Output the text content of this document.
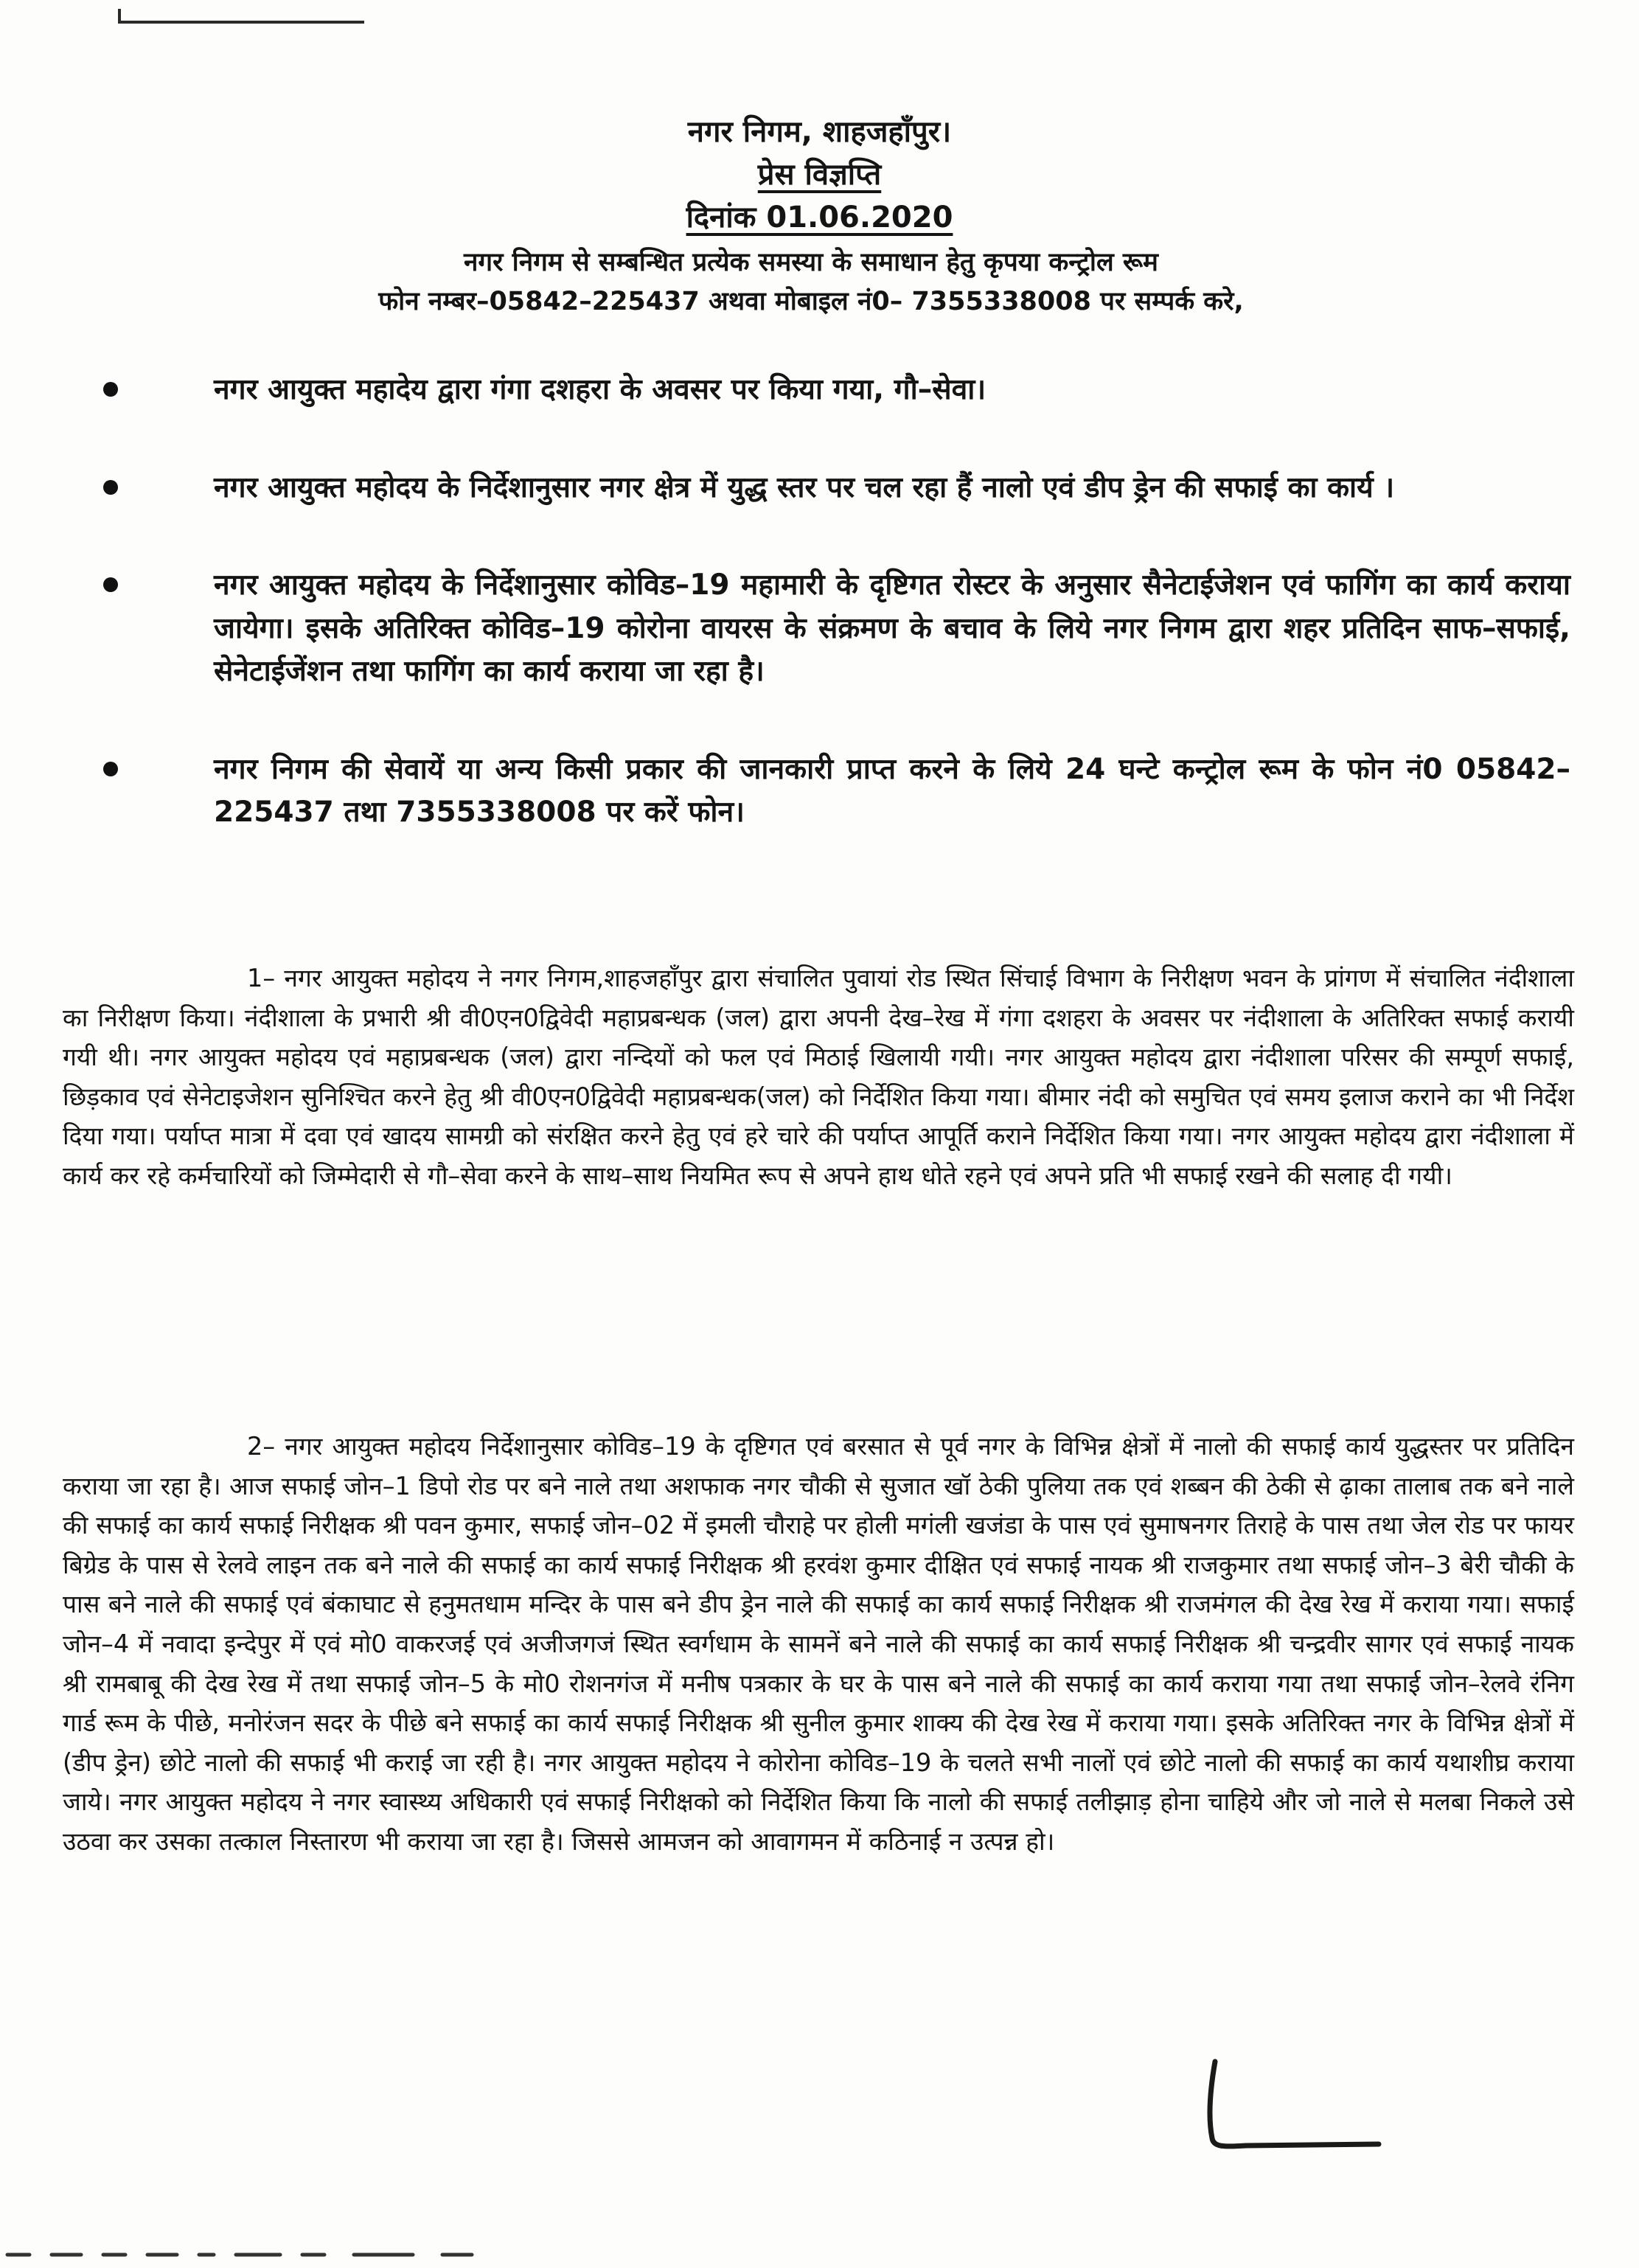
नगर निगम, शाहजहाँपुर।
प्रेस विज्ञप्ति
दिनांक 01.06.2020
नगर निगम से सम्बन्धित प्रत्येक समस्या के समाधान हेतु कृपया कन्ट्रोल रूम
फोन नम्बर–05842–225437 अथवा मोबाइल नं0– 7355338008 पर सम्पर्क करे,
नगर आयुक्त महादेय द्वारा गंगा दशहरा के अवसर पर किया गया, गौ–सेवा।
नगर आयुक्त महोदय के निर्देशानुसार नगर क्षेत्र में युद्ध स्तर पर चल रहा हैं नालो एवं डीप ड्रेन की सफाई का कार्य ।
नगर आयुक्त महोदय के निर्देशानुसार कोविड–19 महामारी के दृष्टिगत रोस्टर के अनुसार सैनेटाईजेशन एवं फागिंग का कार्य कराया जायेगा। इसके अतिरिक्त कोविड–19 कोरोना वायरस के संक्रमण के बचाव के लिये नगर निगम द्वारा शहर प्रतिदिन साफ–सफाई, सेनेटाईजेंशन तथा फागिंग का कार्य कराया जा रहा है।
नगर निगम की सेवायें या अन्य किसी प्रकार की जानकारी प्राप्त करने के लिये 24 घन्टे कन्ट्रोल रूम के फोन नं0 05842–225437 तथा 7355338008 पर करें फोन।
1– नगर आयुक्त महोदय ने नगर निगम,शाहजहाँपुर द्वारा संचालित पुवायां रोड स्थित सिंचाई विभाग के निरीक्षण भवन के प्रांगण में संचालित नंदीशाला का निरीक्षण किया। नंदीशाला के प्रभारी श्री वी0एन0द्विवेदी महाप्रबन्धक (जल) द्वारा अपनी देख–रेख में गंगा दशहरा के अवसर पर नंदीशाला के अतिरिक्त सफाई करायी गयी थी। नगर आयुक्त महोदय एवं महाप्रबन्धक (जल) द्वारा नन्दियों को फल एवं मिठाई खिलायी गयी। नगर आयुक्त महोदय द्वारा नंदीशाला परिसर की सम्पूर्ण सफाई, छिड़काव एवं सेनेटाइजेशन सुनिश्चित करने हेतु श्री वी0एन0द्विवेदी महाप्रबन्धक(जल) को निर्देशित किया गया। बीमार नंदी को समुचित एवं समय इलाज कराने का भी निर्देश दिया गया। पर्याप्त मात्रा में दवा एवं खादय सामग्री को संरक्षित करने हेतु एवं हरे चारे की पर्याप्त आपूर्ति कराने निर्देशित किया गया। नगर आयुक्त महोदय द्वारा नंदीशाला में कार्य कर रहे कर्मचारियों को जिम्मेदारी से गौ–सेवा करने के साथ–साथ नियमित रूप से अपने हाथ धोते रहने एवं अपने प्रति भी सफाई रखने की सलाह दी गयी।
2– नगर आयुक्त महोदय निर्देशानुसार कोविड–19 के दृष्टिगत एवं बरसात से पूर्व नगर के विभिन्न क्षेत्रों में नालो की सफाई कार्य युद्धस्तर पर प्रतिदिन कराया जा रहा है। आज सफाई जोन–1 डिपो रोड पर बने नाले तथा अशफाक नगर चौकी से सुजात खॉ ठेकी पुलिया तक एवं शब्बन की ठेकी से ढ़ाका तालाब तक बने नाले की सफाई का कार्य सफाई निरीक्षक श्री पवन कुमार, सफाई जोन–02 में इमली चौराहे पर होली मगंली खजंडा के पास एवं सुमाषनगर तिराहे के पास तथा जेल रोड पर फायर बिग्रेड के पास से रेलवे लाइन तक बने नाले की सफाई का कार्य सफाई निरीक्षक श्री हरवंश कुमार दीक्षित एवं सफाई नायक श्री राजकुमार तथा सफाई जोन–3 बेरी चौकी के पास बने नाले की सफाई एवं बंकाघाट से हनुमतधाम मन्दिर के पास बने डीप ड्रेन नाले की सफाई का कार्य सफाई निरीक्षक श्री राजमंगल की देख रेख में कराया गया। सफाई जोन–4 में नवादा इन्देपुर में एवं मो0 वाकरजई एवं अजीजगजं स्थित स्वर्गधाम के सामनें बने नाले की सफाई का कार्य सफाई निरीक्षक श्री चन्द्रवीर सागर एवं सफाई नायक श्री रामबाबू की देख रेख में तथा सफाई जोन–5 के मो0 रोशनगंज में मनीष पत्रकार के घर के पास बने नाले की सफाई का कार्य कराया गया तथा सफाई जोन–रेलवे रंनिग गार्ड रूम के पीछे, मनोरंजन सदर के पीछे बने सफाई का कार्य सफाई निरीक्षक श्री सुनील कुमार शाक्य की देख रेख में कराया गया। इसके अतिरिक्त नगर के विभिन्न क्षेत्रों में (डीप ड्रेन) छोटे नालो की सफाई भी कराई जा रही है। नगर आयुक्त महोदय ने कोरोना कोविड–19 के चलते सभी नालों एवं छोटे नालो की सफाई का कार्य यथाशीघ्र कराया जाये। नगर आयुक्त महोदय ने नगर स्वास्थ्य अधिकारी एवं सफाई निरीक्षको को निर्देशित किया कि नालो की सफाई तलीझाड़ होना चाहिये और जो नाले से मलबा निकले उसे उठवा कर उसका तत्काल निस्तारण भी कराया जा रहा है। जिससे आमजन को आवागमन में कठिनाई न उत्पन्न हो।
